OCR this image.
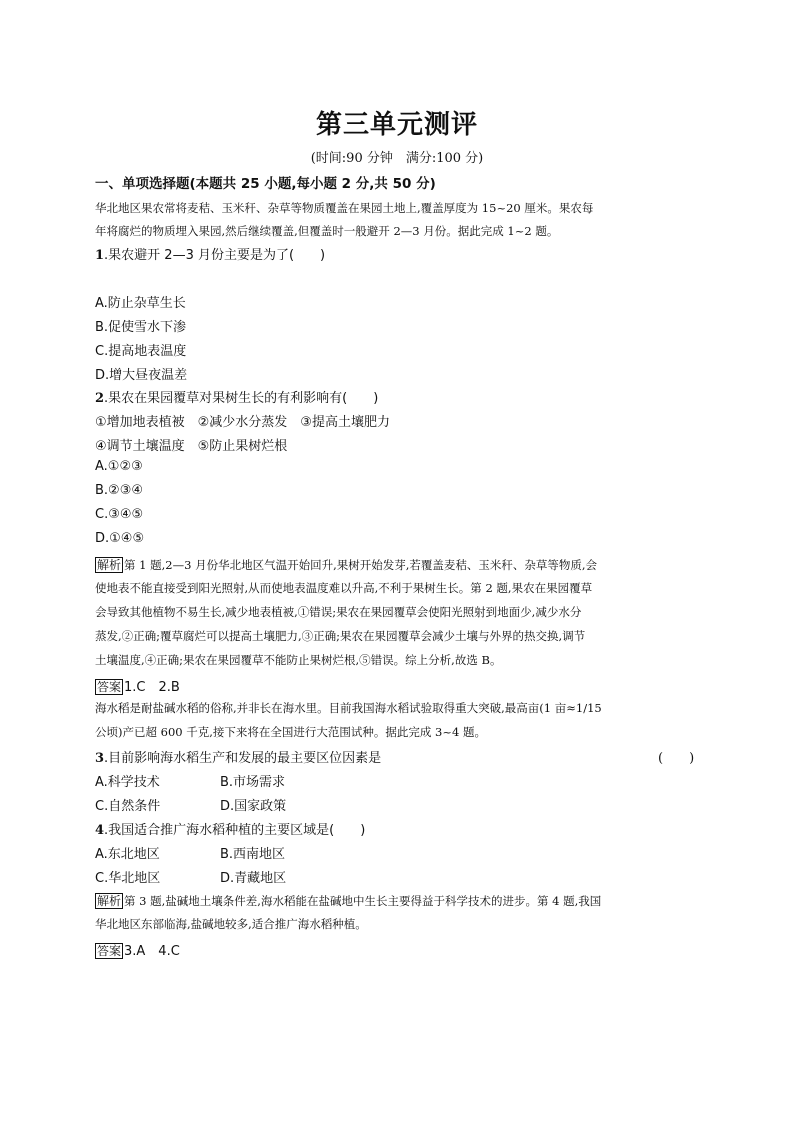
第三单元测评
(时间:90 分钟　满分:100 分)
一、单项选择题(本题共 25 小题,每小题 2 分,共 50 分)
华北地区果农常将麦秸、玉米秆、杂草等物质覆盖在果园土地上,覆盖厚度为 15~20 厘米。果农每
年将腐烂的物质埋入果园,然后继续覆盖,但覆盖时一般避开 2—3 月份。据此完成 1~2 题。
1.果农避开 2—3 月份主要是为了(　　)
A.防止杂草生长
B.促使雪水下渗
C.提高地表温度
D.增大昼夜温差
2.果农在果园覆草对果树生长的有利影响有(　　)
①增加地表植被　②减少水分蒸发　③提高土壤肥力
④调节土壤温度　⑤防止果树烂根
A.①②③
B.②③④
C.③④⑤
D.①④⑤
解析 第 1 题,2—3 月份华北地区气温开始回升,果树开始发芽,若覆盖麦秸、玉米秆、杂草等物质,会
使地表不能直接受到阳光照射,从而使地表温度难以升高,不利于果树生长。第 2 题,果农在果园覆草
会导致其他植物不易生长,减少地表植被,①错误;果农在果园覆草会使阳光照射到地面少,减少水分
蒸发,②正确;覆草腐烂可以提高土壤肥力,③正确;果农在果园覆草会减少土壤与外界的热交换,调节
土壤温度,④正确;果农在果园覆草不能防止果树烂根,⑤错误。综上分析,故选 B。
答案 1.C　2.B
海水稻是耐盐碱水稻的俗称,并非长在海水里。目前我国海水稻试验取得重大突破,最高亩(1 亩≈1/15
公顷)产已超 600 千克,接下来将在全国进行大范围试种。据此完成 3~4 题。
3.目前影响海水稻生产和发展的最主要区位因素是	(　　)
A.科学技术	B.市场需求
C.自然条件	D.国家政策
4.我国适合推广海水稻种植的主要区域是(　　)
A.东北地区	B.西南地区
C.华北地区	D.青藏地区
解析 第 3 题,盐碱地土壤条件差,海水稻能在盐碱地中生长主要得益于科学技术的进步。第 4 题,我国
华北地区东部临海,盐碱地较多,适合推广海水稻种植。
答案 3.A　4.C
